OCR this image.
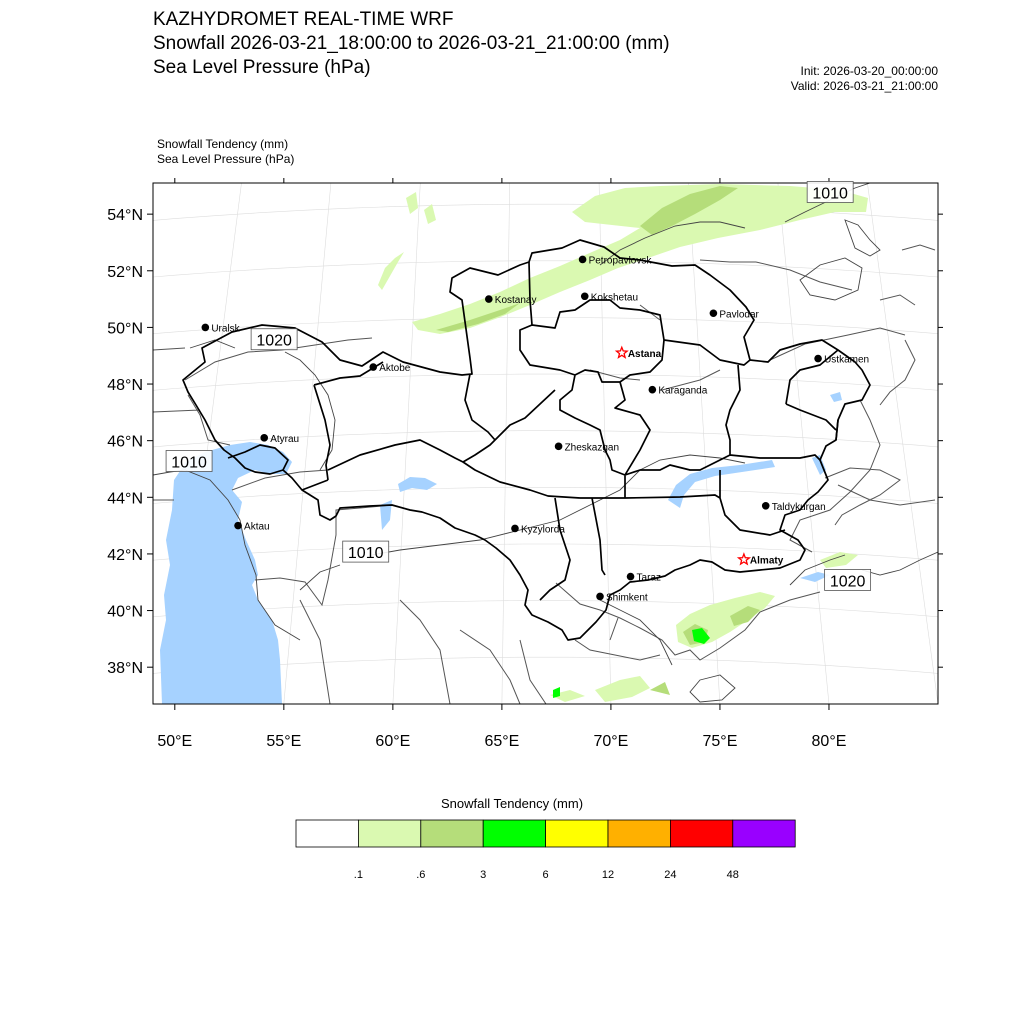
KAZHYDROMET REAL-TIME WRF
Snowfall 2026-03-21_18:00:00 to 2026-03-21_21:00:00 (mm)
Sea Level Pressure (hPa)	Init: 2026-03-20_00:00:00
Valid: 2026-03-21_21:00:00
Snowfall Tendency (mm)
Sea Level Pressure (hPa)
38°N
40°N
42°N
44°N
46°N
48°N
50°N
52°N
54°N
50°E	55°E	60°E	65°E	70°E	75°E	80°E
1010
1020
1010
1010
1020
Petropavlovsk
Kostanay	Kokshetau
Uralsk
Pavlodar
Astana
Ustkamen
Aktobe
Karaganda
Atyrau
Zheskazgan
Aktau
Taldykurgan
Kyzylorda
Almaty
Taraz
Shimkent
.1	.6	3	6	12	24	48
Snowfall Tendency (mm)
